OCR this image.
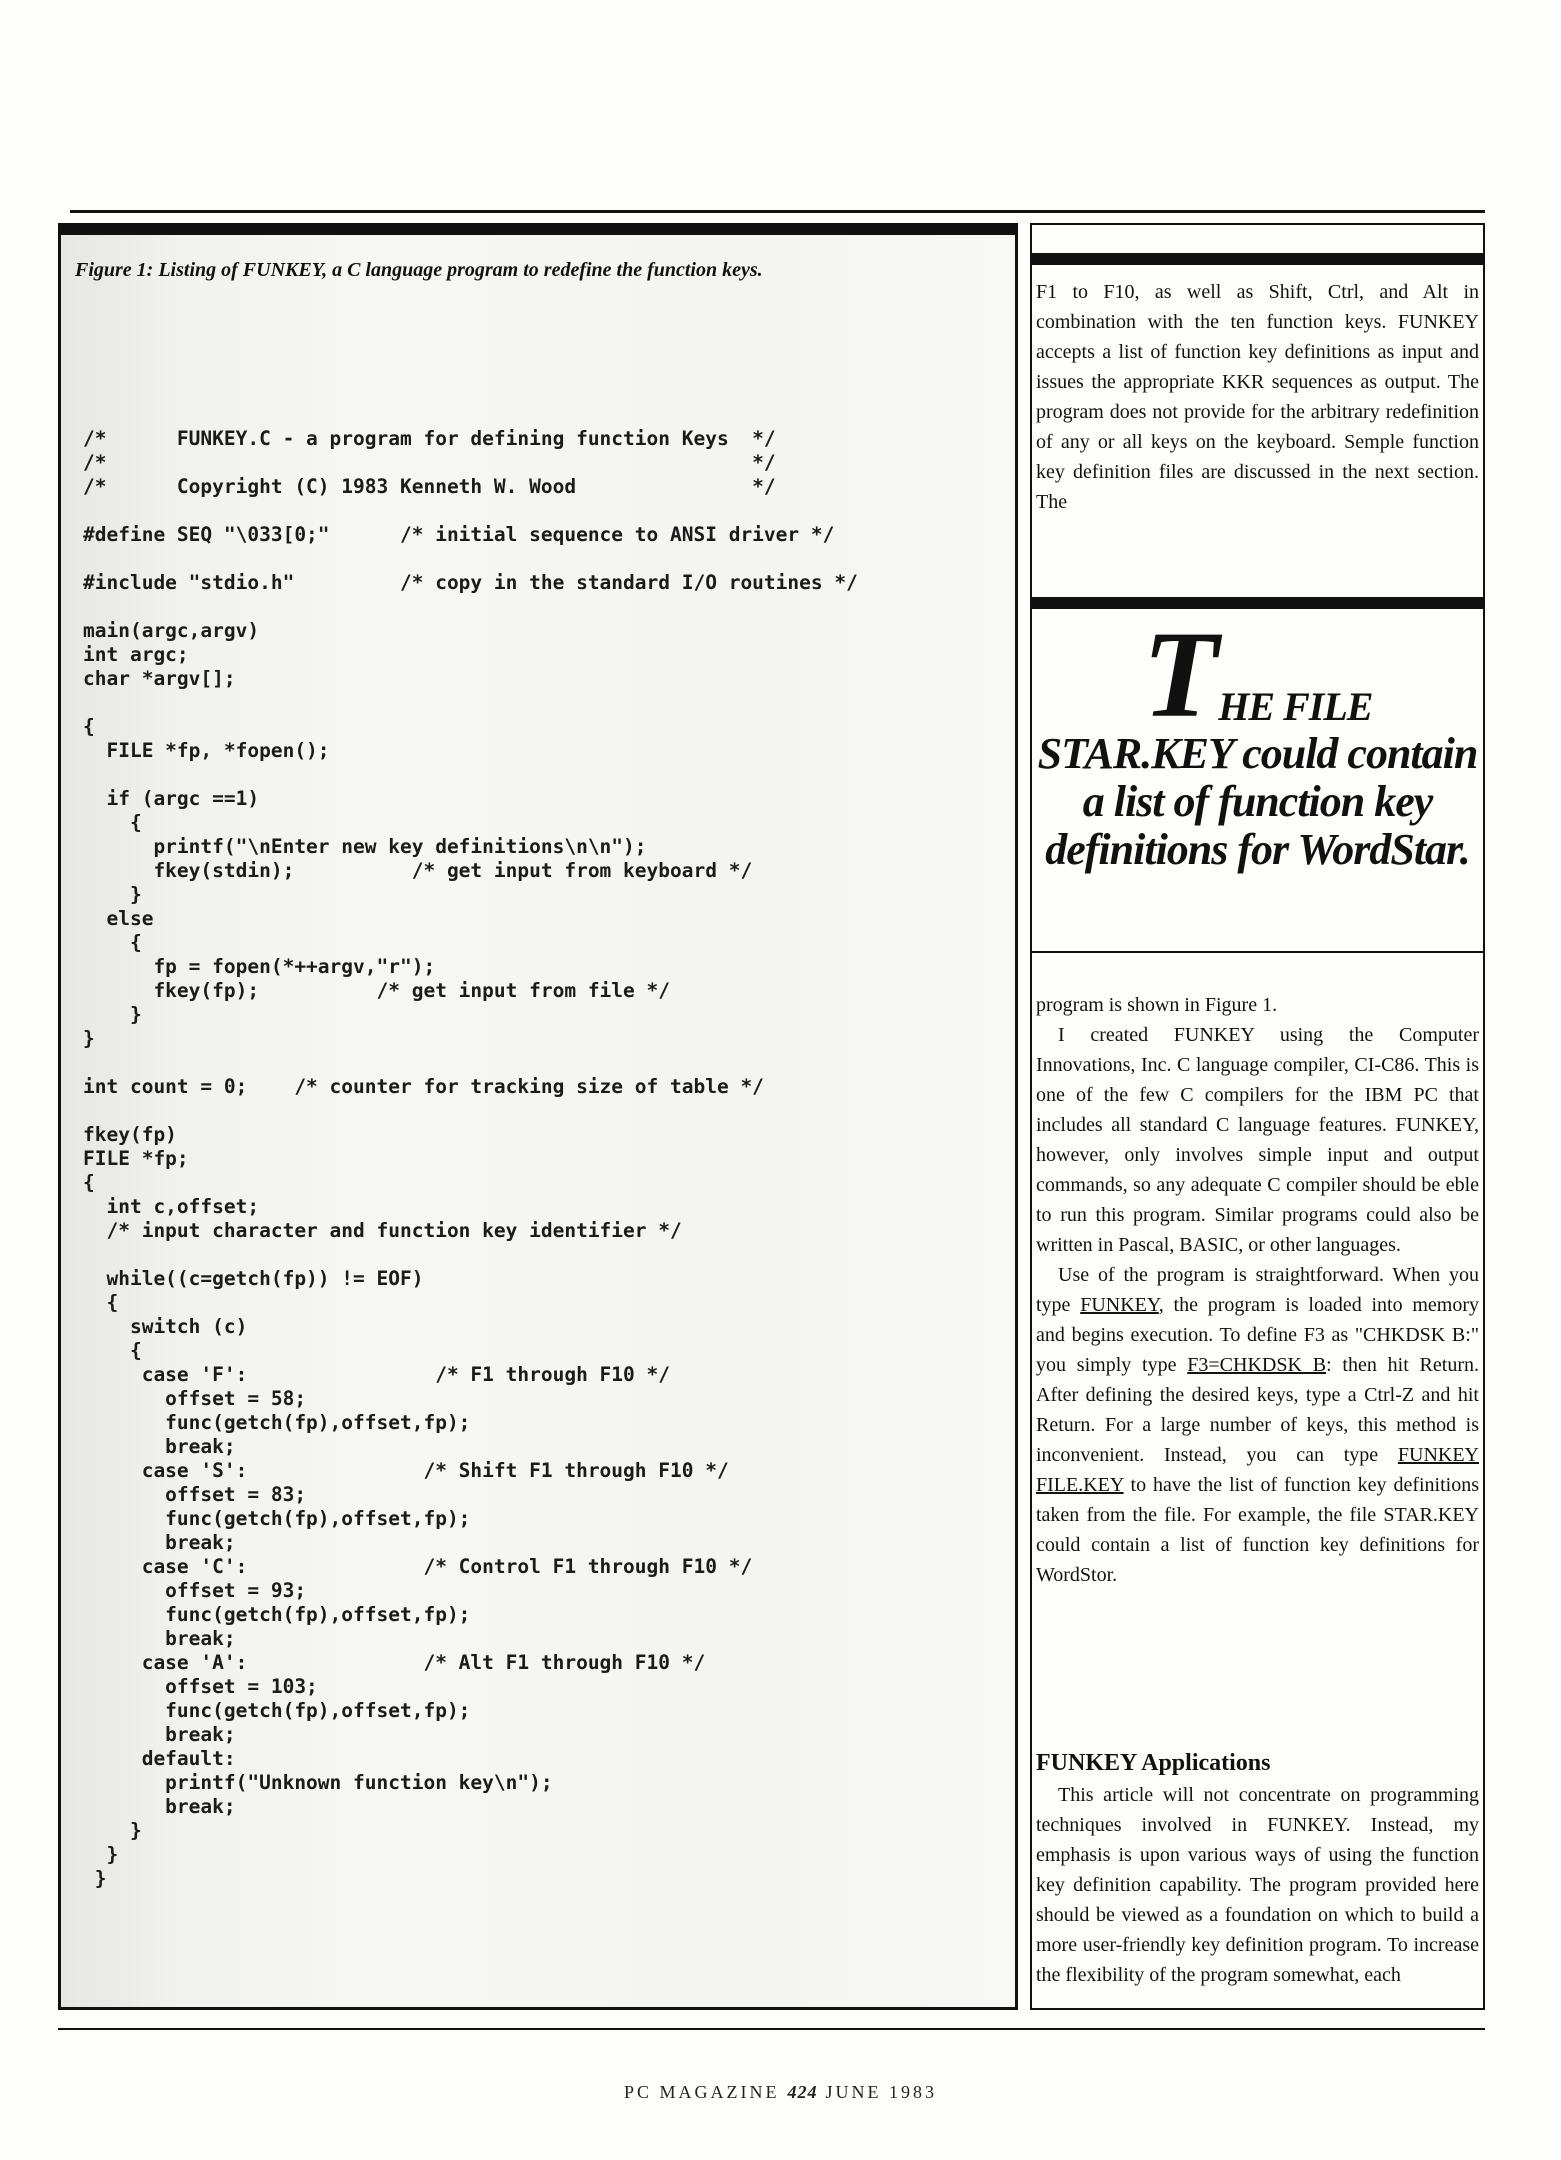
Figure 1: Listing of FUNKEY, a C language program to redefine the function keys.

/*      FUNKEY.C - a program for defining function Keys  */
/*                                                       */
/*      Copyright (C) 1983 Kenneth W. Wood               */

#define SEQ "\033[0;"      /* initial sequence to ANSI driver */

#include "stdio.h"         /* copy in the standard I/O routines */

main(argc,argv)
int argc;
char *argv[];

{
FILE *fp, *fopen();

if (argc ==1)
{
printf("\nEnter new key definitions\n\n");
fkey(stdin);          /* get input from keyboard */
}
else
{
fp = fopen(*++argv,"r");
fkey(fp);          /* get input from file */
}
}

int count = 0;    /* counter for tracking size of table */

fkey(fp)
FILE *fp;
{
int c,offset;
/* input character and function key identifier */

while((c=getch(fp)) != EOF)
{
switch (c)
{
case 'F':                /* F1 through F10 */
offset = 58;
func(getch(fp),offset,fp);
break;
case 'S':               /* Shift F1 through F10 */
offset = 83;
func(getch(fp),offset,fp);
break;
case 'C':               /* Control F1 through F10 */
offset = 93;
func(getch(fp),offset,fp);
break;
case 'A':               /* Alt F1 through F10 */
offset = 103;
func(getch(fp),offset,fp);
break;
default:
printf("Unknown function key\n");
break;
}
}
}

F1 to F10, as well as Shift, Ctrl, and Alt in combination with the ten function keys. FUNKEY accepts a list of function key definitions as input and issues the appropriate KKR sequences as output. The program does not provide for the arbitrary redefinition of any or all keys on the keyboard. Semple function key definition files are discussed in the next section. The

THE FILE
STAR.KEY could contain a list of function key definitions for WordStar.

program is shown in Figure 1.

I created FUNKEY using the Computer Innovations, Inc. C language compiler, CI-C86. This is one of the few C compilers for the IBM PC that includes all standard C language features. FUNKEY, however, only involves simple input and output commands, so any adequate C compiler should be eble to run this program. Similar programs could also be written in Pascal, BASIC, or other languages.

Use of the program is straightforward. When you type FUNKEY, the program is loaded into memory and begins execution. To define F3 as "CHKDSK B:" you simply type F3=CHKDSK B: then hit Return. After defining the desired keys, type a Ctrl-Z and hit Return. For a large number of keys, this method is inconvenient. Instead, you can type FUNKEY FILE.KEY to have the list of function key definitions taken from the file. For example, the file STAR.KEY could contain a list of function key definitions for WordStor.

FUNKEY Applications

This article will not concentrate on programming techniques involved in FUNKEY. Instead, my emphasis is upon various ways of using the function key definition capability. The program provided here should be viewed as a foundation on which to build a more user-friendly key definition program. To increase the flexibility of the program somewhat, each

PC MAGAZINE 424 JUNE 1983
